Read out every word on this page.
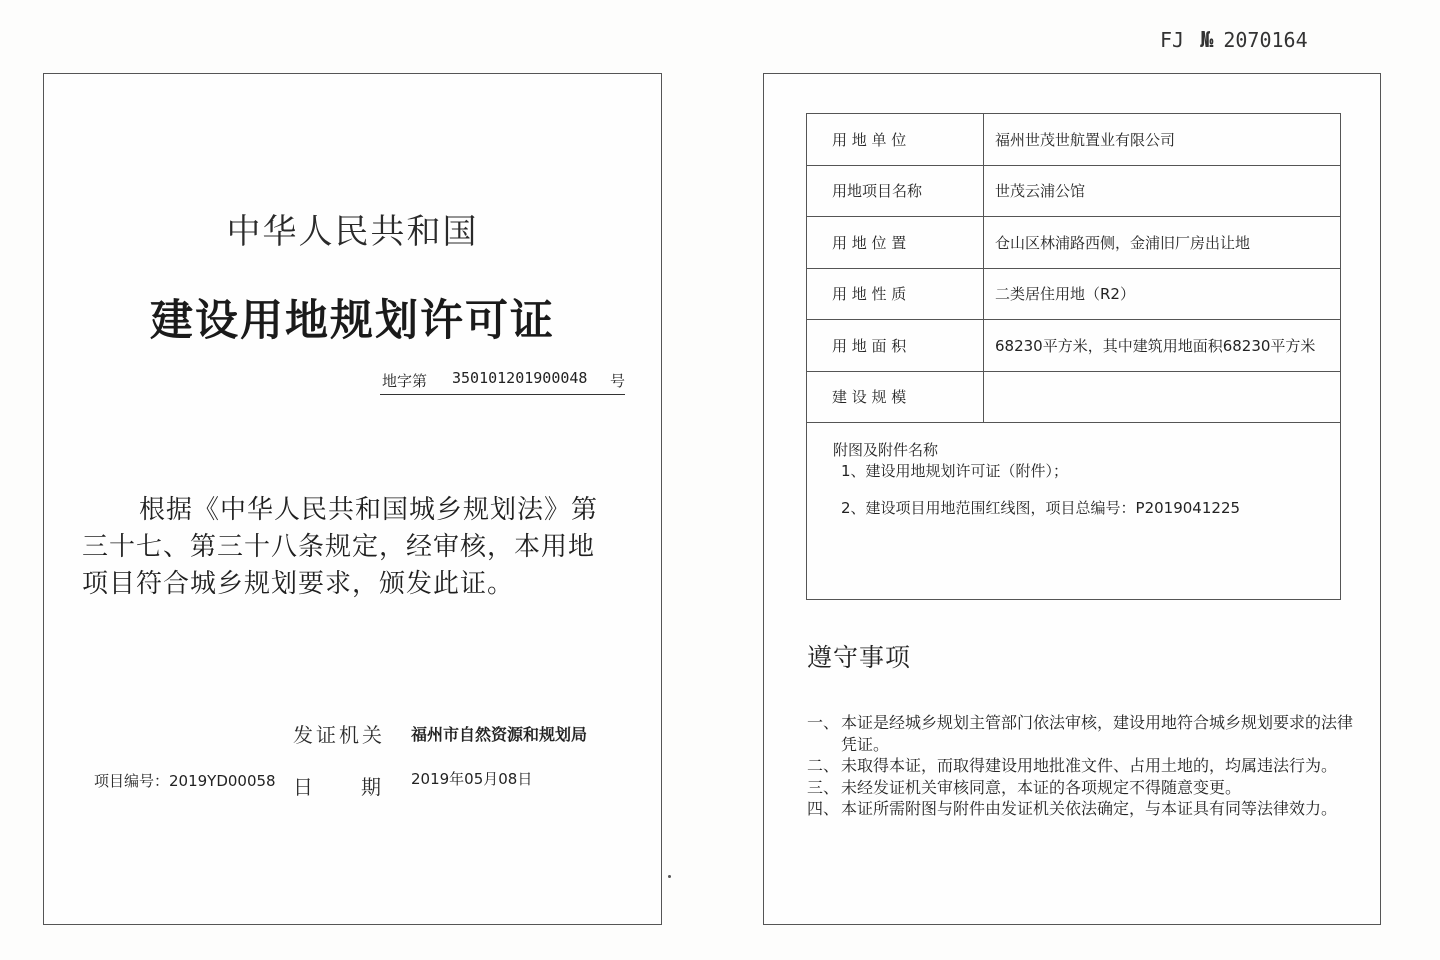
FJ № 2070164
中华人民共和国
建设用地规划许可证
地字第 350101201900048 号
根据《中华人民共和国城乡规划法》第
三十七、第三十八条规定，经审核，本用地
项目符合城乡规划要求，颁发此证。
发证机关 福州市自然资源和规划局
项目编号：2019YD00058 日 期 2019年05月08日
用 地 单 位	福州世茂世航置业有限公司
用地项目名称	世茂云浦公馆
用 地 位 置	仓山区林浦路西侧，金浦旧厂房出让地
用 地 性 质	二类居住用地（R2）
用 地 面 积	68230平方米，其中建筑用地面积68230平方米
建 设 规 模	

附图及附件名称
1、建设用地规划许可证（附件）；
2、建设项目用地范围红线图，项目总编号：P2019041225	
遵守事项
一、 本证是经城乡规划主管部门依法审核，建设用地符合城乡规划要求的法律凭证。
二、 未取得本证，而取得建设用地批准文件、占用土地的，均属违法行为。
三、 未经发证机关审核同意，本证的各项规定不得随意变更。
四、 本证所需附图与附件由发证机关依法确定，与本证具有同等法律效力。
